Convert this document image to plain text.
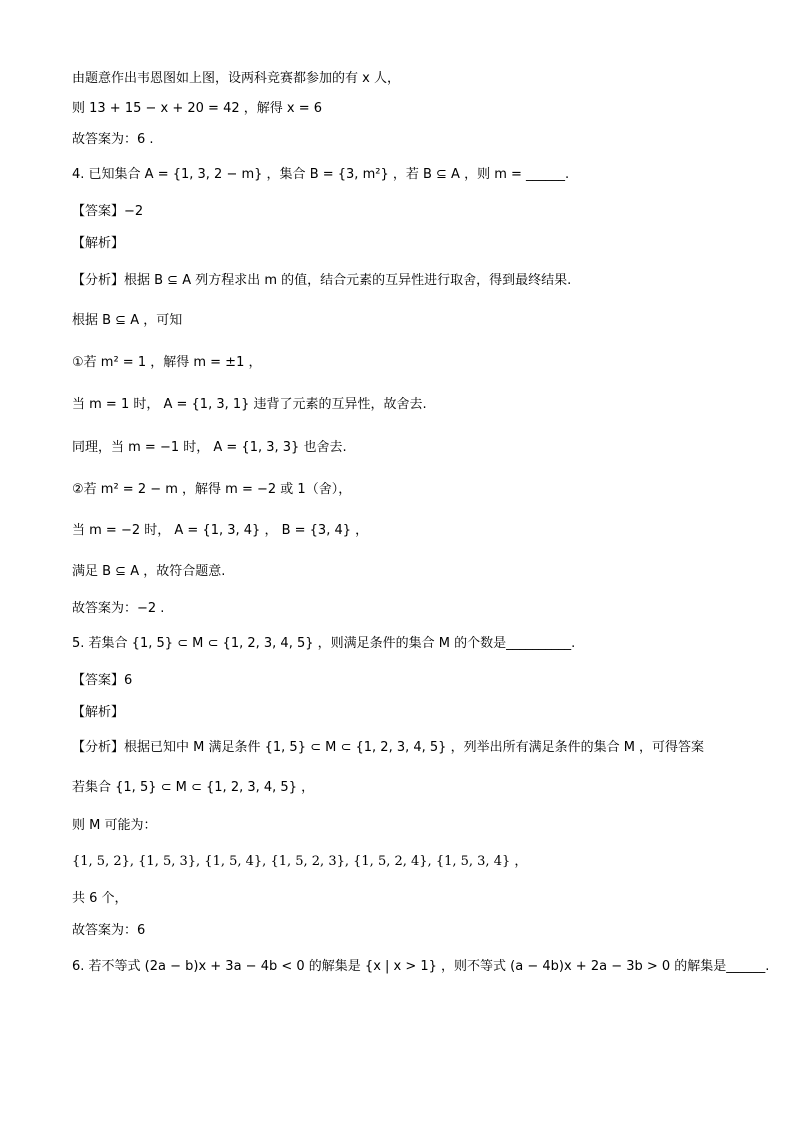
由题意作出韦恩图如上图，设两科竞赛都参加的有 x 人，
则 13 + 15 − x + 20 = 42 ，解得 x = 6
故答案为：6 .
4. 已知集合 A = {1, 3, 2 − m} ，集合 B = {3, m²} ，若 B ⊆ A ，则 m = ______.
【答案】−2
【解析】
【分析】根据 B ⊆ A 列方程求出 m 的值，结合元素的互异性进行取舍，得到最终结果.
根据 B ⊆ A ，可知
①若 m² = 1 ，解得 m = ±1 ，
当 m = 1 时， A = {1, 3, 1} 违背了元素的互异性，故舍去.
同理，当 m = −1 时， A = {1, 3, 3} 也舍去.
②若 m² = 2 − m ，解得 m = −2 或 1（舍），
当 m = −2 时， A = {1, 3, 4} ， B = {3, 4} ，
满足 B ⊆ A ，故符合题意.
故答案为：−2 .
5. 若集合 {1, 5} ⊂ M ⊂ {1, 2, 3, 4, 5} ，则满足条件的集合 M 的个数是__________.
【答案】6
【解析】
【分析】根据已知中 M 满足条件 {1, 5} ⊂ M ⊂ {1, 2, 3, 4, 5} ，列举出所有满足条件的集合 M ，可得答案
若集合 {1, 5} ⊂ M ⊂ {1, 2, 3, 4, 5} ，
则 M 可能为：
{1, 5, 2}, {1, 5, 3}, {1, 5, 4}, {1, 5, 2, 3}, {1, 5, 2, 4}, {1, 5, 3, 4} ，
共 6 个，
故答案为：6
6. 若不等式 (2a − b)x + 3a − 4b < 0 的解集是 {x | x > 1} ，则不等式 (a − 4b)x + 2a − 3b > 0 的解集是______.
